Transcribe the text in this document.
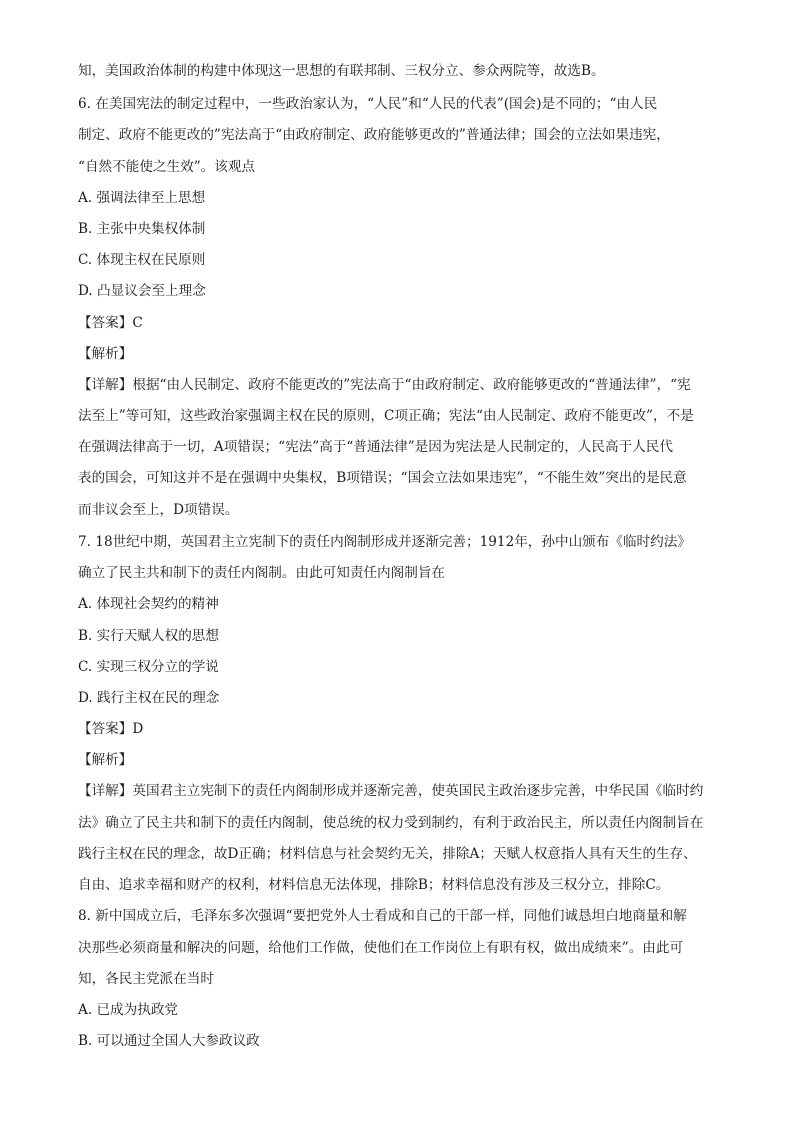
知，美国政治体制的构建中体现这一思想的有联邦制、三权分立、参众两院等，故选B。
6. 在美国宪法的制定过程中，一些政治家认为，“人民”和“人民的代表”(国会)是不同的；“由人民
制定、政府不能更改的”宪法高于“由政府制定、政府能够更改的”普通法律；国会的立法如果违宪，
“自然不能使之生效”。该观点
A. 强调法律至上思想
B. 主张中央集权体制
C. 体现主权在民原则
D. 凸显议会至上理念
【答案】C
【解析】
【详解】根据“由人民制定、政府不能更改的”宪法高于“由政府制定、政府能够更改的“普通法律”，“宪
法至上”等可知，这些政治家强调主权在民的原则，C项正确；宪法“由人民制定、政府不能更改”，不是
在强调法律高于一切，A项错误；“宪法”高于“普通法律”是因为宪法是人民制定的，人民高于人民代
表的国会，可知这并不是在强调中央集权，B项错误；“国会立法如果违宪”，“不能生效”突出的是民意
而非议会至上，D项错误。
7. 18世纪中期，英国君主立宪制下的责任内阁制形成并逐渐完善；1912年，孙中山颁布《临时约法》
确立了民主共和制下的责任内阁制。由此可知责任内阁制旨在
A. 体现社会契约的精神
B. 实行天赋人权的思想
C. 实现三权分立的学说
D. 践行主权在民的理念
【答案】D
【解析】
【详解】英国君主立宪制下的责任内阁制形成并逐渐完善，使英国民主政治逐步完善，中华民国《临时约
法》确立了民主共和制下的责任内阁制，使总统的权力受到制约，有利于政治民主，所以责任内阁制旨在
践行主权在民的理念，故D正确；材料信息与社会契约无关，排除A；天赋人权意指人具有天生的生存、
自由、追求幸福和财产的权利，材料信息无法体现，排除B；材料信息没有涉及三权分立，排除C。
8. 新中国成立后，毛泽东多次强调“要把党外人士看成和自己的干部一样，同他们诚恳坦白地商量和解
决那些必须商量和解决的问题，给他们工作做，使他们在工作岗位上有职有权，做出成绩来”。由此可
知，各民主党派在当时
A. 已成为执政党
B. 可以通过全国人大参政议政
